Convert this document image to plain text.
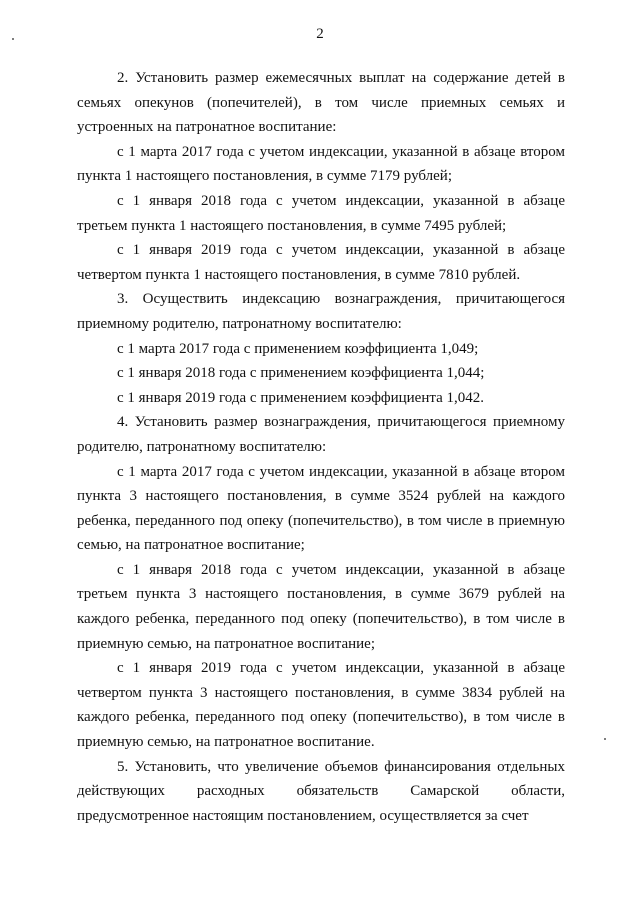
2

2. Установить размер ежемесячных выплат на содержание детей в семьях опекунов (попечителей), в том числе приемных семьях и устроенных на патронатное воспитание:

с 1 марта 2017 года с учетом индексации, указанной в абзаце втором пункта 1 настоящего постановления, в сумме 7179 рублей;

с 1 января 2018 года с учетом индексации, указанной в абзаце третьем пункта 1 настоящего постановления, в сумме 7495 рублей;

с 1 января 2019 года с учетом индексации, указанной в абзаце четвертом пункта 1 настоящего постановления, в сумме 7810 рублей.

3. Осуществить индексацию вознаграждения, причитающегося приемному родителю, патронатному воспитателю:

с 1 марта 2017 года с применением коэффициента 1,049;

с 1 января 2018 года с применением коэффициента 1,044;

с 1 января 2019 года с применением коэффициента 1,042.

4. Установить размер вознаграждения, причитающегося приемному родителю, патронатному воспитателю:

с 1 марта 2017 года с учетом индексации, указанной в абзаце втором пункта 3 настоящего постановления, в сумме 3524 рублей на каждого ребенка, переданного под опеку (попечительство), в том числе в приемную семью, на патронатное воспитание;

с 1 января 2018 года с учетом индексации, указанной в абзаце третьем пункта 3 настоящего постановления, в сумме 3679 рублей на каждого ребенка, переданного под опеку (попечительство), в том числе в приемную семью, на патронатное воспитание;

с 1 января 2019 года с учетом индексации, указанной в абзаце четвертом пункта 3 настоящего постановления, в сумме 3834 рублей на каждого ребенка, переданного под опеку (попечительство), в том числе в приемную семью, на патронатное воспитание.

5. Установить, что увеличение объемов финансирования отдельных действующих расходных обязательств Самарской области, предусмотренное настоящим постановлением, осуществляется за счет
